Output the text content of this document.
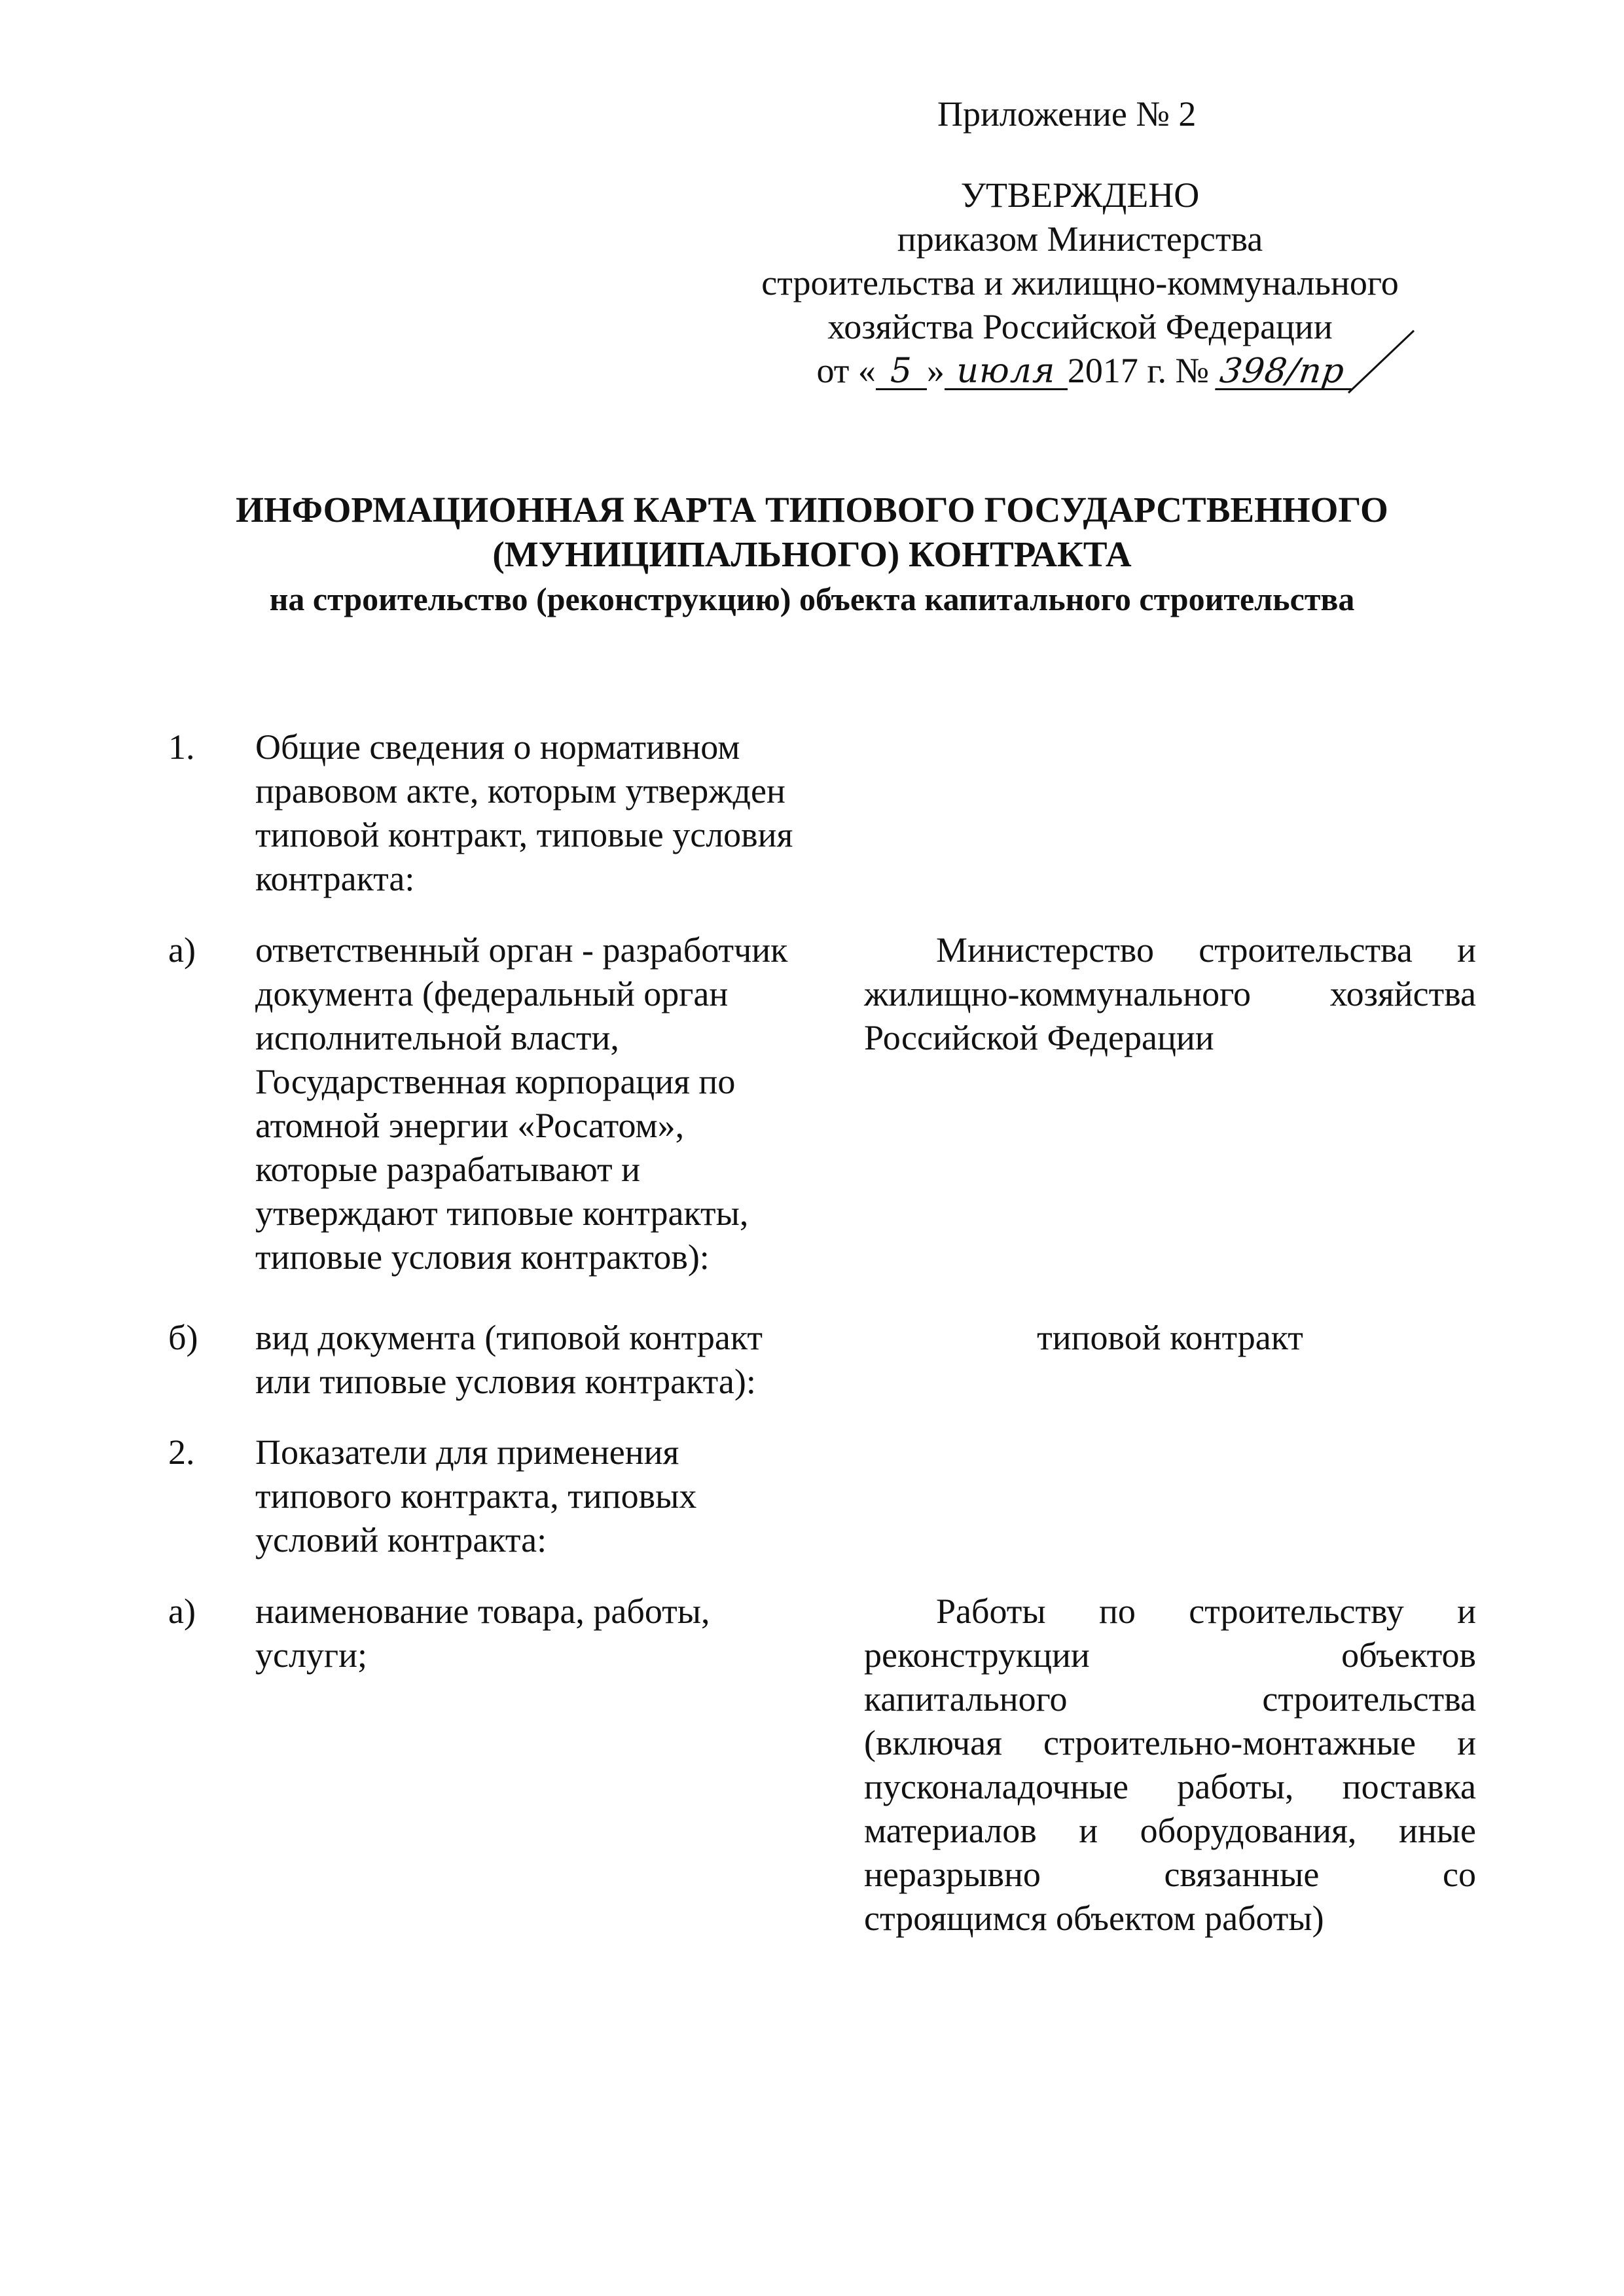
Приложение № 2
УТВЕРЖДЕНО
приказом Министерства
строительства и жилищно-коммунального
хозяйства Российской Федерации
от « 5 » июля 2017 г. № 398/пр
ИНФОРМАЦИОННАЯ КАРТА ТИПОВОГО ГОСУДАРСТВЕННОГО
(МУНИЦИПАЛЬНОГО) КОНТРАКТА
на строительство (реконструкцию) объекта капитального строительства
1. Общие сведения о нормативном
правовом акте, которым утвержден
типовой контракт, типовые условия
контракта:
а) ответственный орган - разработчик
документа (федеральный орган
исполнительной власти,
Государственная корпорация по
атомной энергии «Росатом»,
которые разрабатывают и
утверждают типовые контракты,
типовые условия контрактов):
Министерство строительства и
жилищно-коммунального хозяйства
Российской Федерации
б) вид документа (типовой контракт
или типовые условия контракта):
типовой контракт
2. Показатели для применения
типового контракта, типовых
условий контракта:
а) наименование товара, работы,
услуги;
Работы по строительству и
реконструкции объектов
капитального строительства
(включая строительно-монтажные и
пусконаладочные работы, поставка
материалов и оборудования, иные
неразрывно связанные со
строящимся объектом работы)
